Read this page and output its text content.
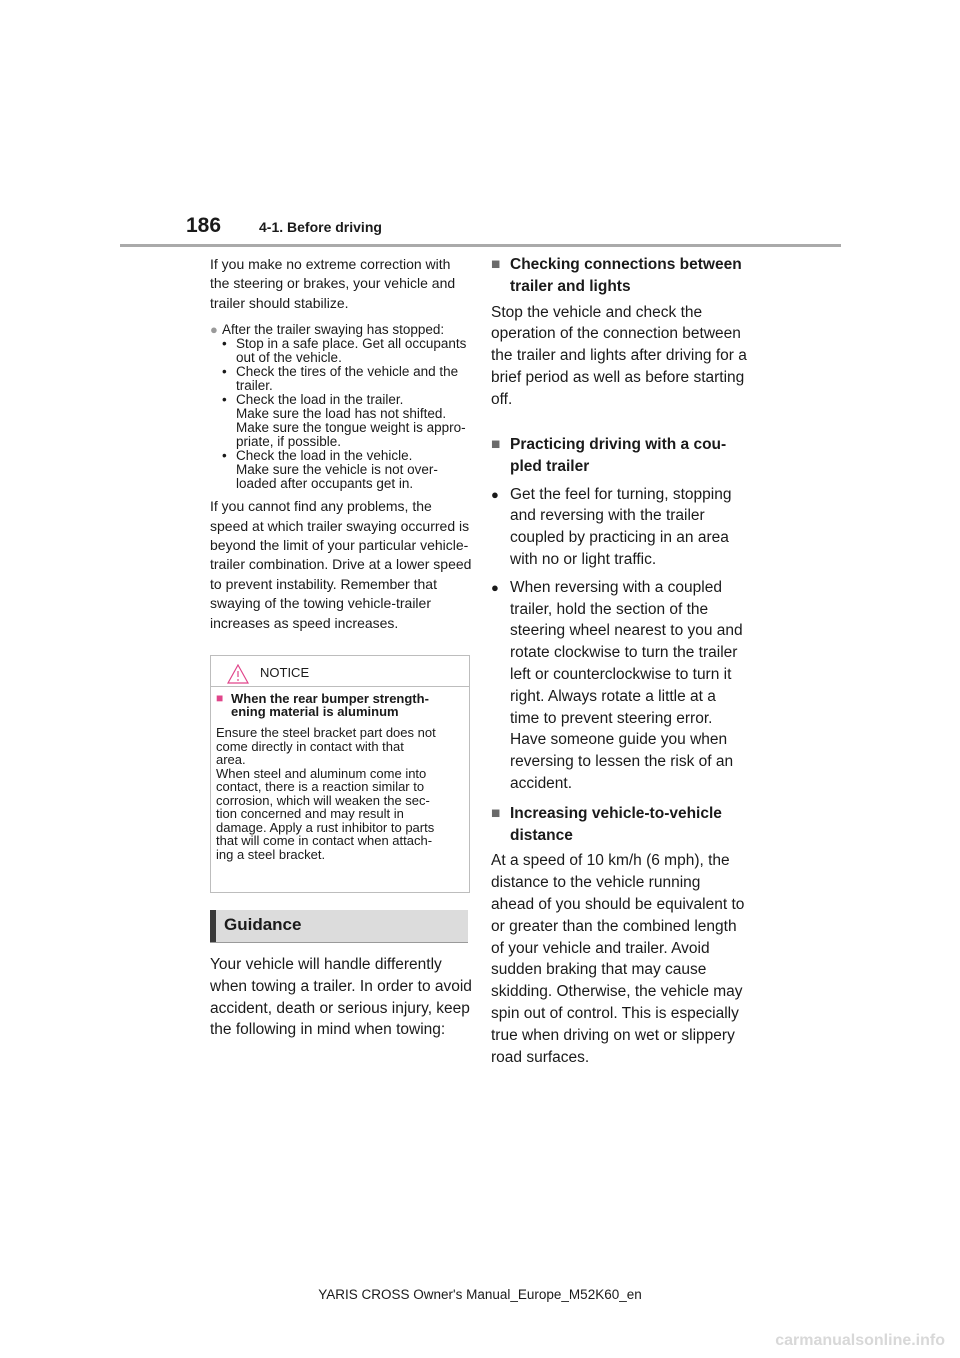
186	4-1. Before driving

If you make no extreme correction with the steering or brakes, your vehicle and trailer should stabilize.

● After the trailer swaying has stopped:
• Stop in a safe place. Get all occupants
out of the vehicle.
• Check the tires of the vehicle and the
trailer.
• Check the load in the trailer.
Make sure the load has not shifted.
Make sure the tongue weight is appro-
priate, if possible.
• Check the load in the vehicle.
Make sure the vehicle is not over-
loaded after occupants get in.

If you cannot find any problems, the speed at which trailer swaying occurred is beyond the limit of your particular vehicle-trailer combination. Drive at a lower speed to prevent instability. Remember that swaying of the towing vehicle-trailer increases as speed increases.

NOTICE
■ When the rear bumper strength-
ening material is aluminum
Ensure the steel bracket part does not
come directly in contact with that
area.
When steel and aluminum come into
contact, there is a reaction similar to
corrosion, which will weaken the sec-
tion concerned and may result in
damage. Apply a rust inhibitor to parts
that will come in contact when attach-
ing a steel bracket.
Guidance

Your vehicle will handle differently when towing a trailer. In order to avoid accident, death or serious injury, keep the following in mind when towing:

■ Checking connections between trailer and lights

Stop the vehicle and check the operation of the connection between the trailer and lights after driving for a brief period as well as before starting off.

■ Practicing driving with a cou-pled trailer
● Get the feel for turning, stopping and reversing with the trailer coupled by practicing in an area with no or light traffic.
● When reversing with a coupled trailer, hold the section of the steering wheel nearest to you and rotate clockwise to turn the trailer left or counterclockwise to turn it right. Always rotate a little at a time to prevent steering error. Have someone guide you when reversing to lessen the risk of an accident.
■ Increasing vehicle-to-vehicle distance

At a speed of 10 km/h (6 mph), the distance to the vehicle running ahead of you should be equivalent to or greater than the combined length of your vehicle and trailer. Avoid sudden braking that may cause skidding. Otherwise, the vehicle may spin out of control. This is especially true when driving on wet or slippery road surfaces.

YARIS CROSS Owner's Manual_Europe_M52K60_en
carmanualsonline.info
